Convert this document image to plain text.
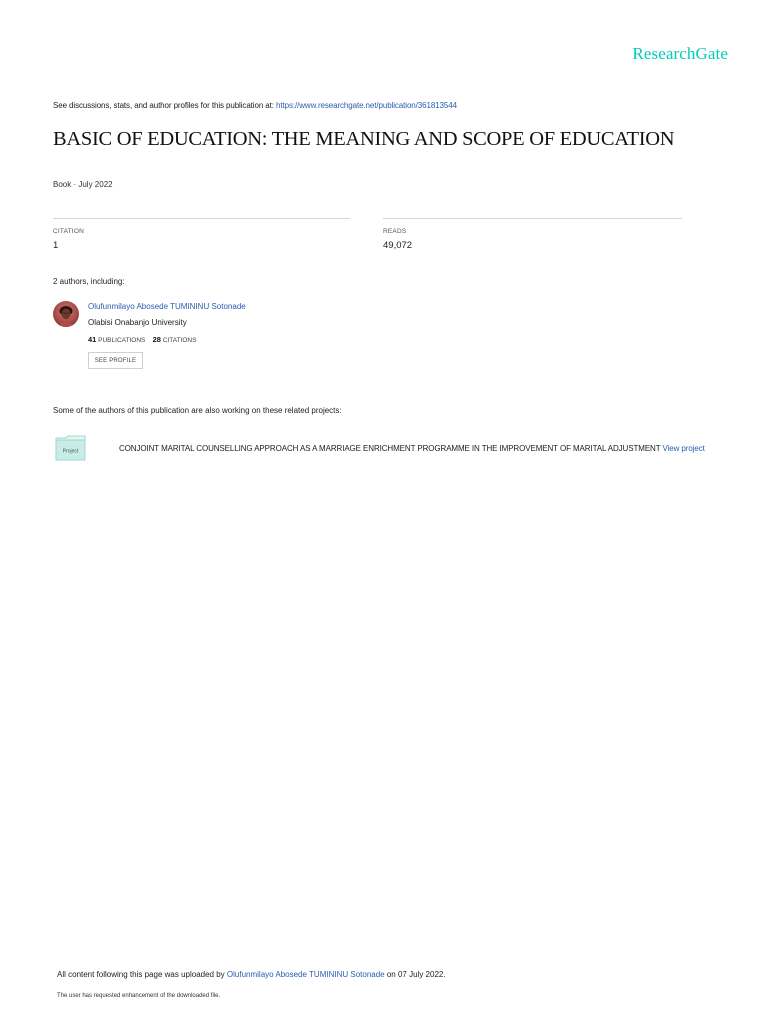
ResearchGate
See discussions, stats, and author profiles for this publication at: https://www.researchgate.net/publication/361813544
BASIC OF EDUCATION: THE MEANING AND SCOPE OF EDUCATION
Book · July 2022
CITATION
1
READS
49,072
2 authors, including:
Olufunmilayo Abosede TUMININU Sotonade
Olabisi Onabanjo University
41 PUBLICATIONS 28 CITATIONS
SEE PROFILE
Some of the authors of this publication are also working on these related projects:
Project	CONJOINT MARITAL COUNSELLING APPROACH AS A MARRIAGE ENRICHMENT PROGRAMME IN THE IMPROVEMENT OF MARITAL ADJUSTMENT View project
All content following this page was uploaded by Olufunmilayo Abosede TUMININU Sotonade on 07 July 2022.
The user has requested enhancement of the downloaded file.
